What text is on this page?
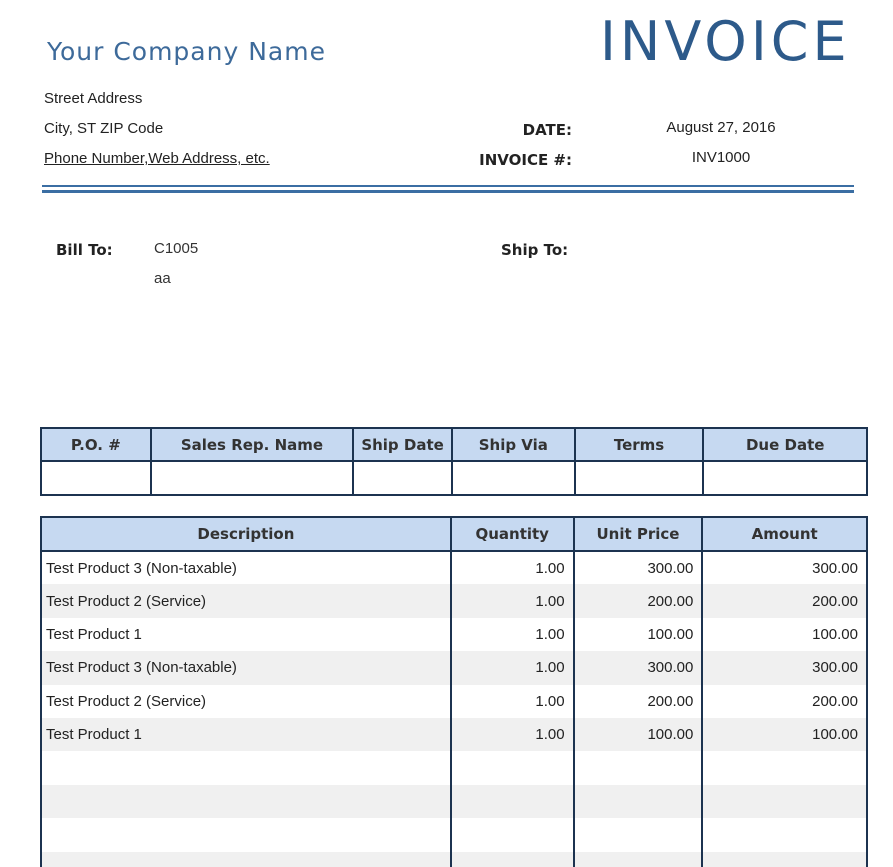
Your Company Name	INVOICE
Street Address
City, ST ZIP Code
Phone Number,Web Address, etc.
DATE:	August 27, 2016
INVOICE #:	INV1000
Bill To:	C1005
aa
Ship To:
P.O. #	Sales Rep. Name	Ship Date	Ship Via	Terms	Due Date

Description	Quantity	Unit Price	Amount
Test Product 3 (Non-taxable)	1.00	300.00	300.00
Test Product 2 (Service)	1.00	200.00	200.00
Test Product 1	1.00	100.00	100.00
Test Product 3 (Non-taxable)	1.00	300.00	300.00
Test Product 2 (Service)	1.00	200.00	200.00
Test Product 1	1.00	100.00	100.00
